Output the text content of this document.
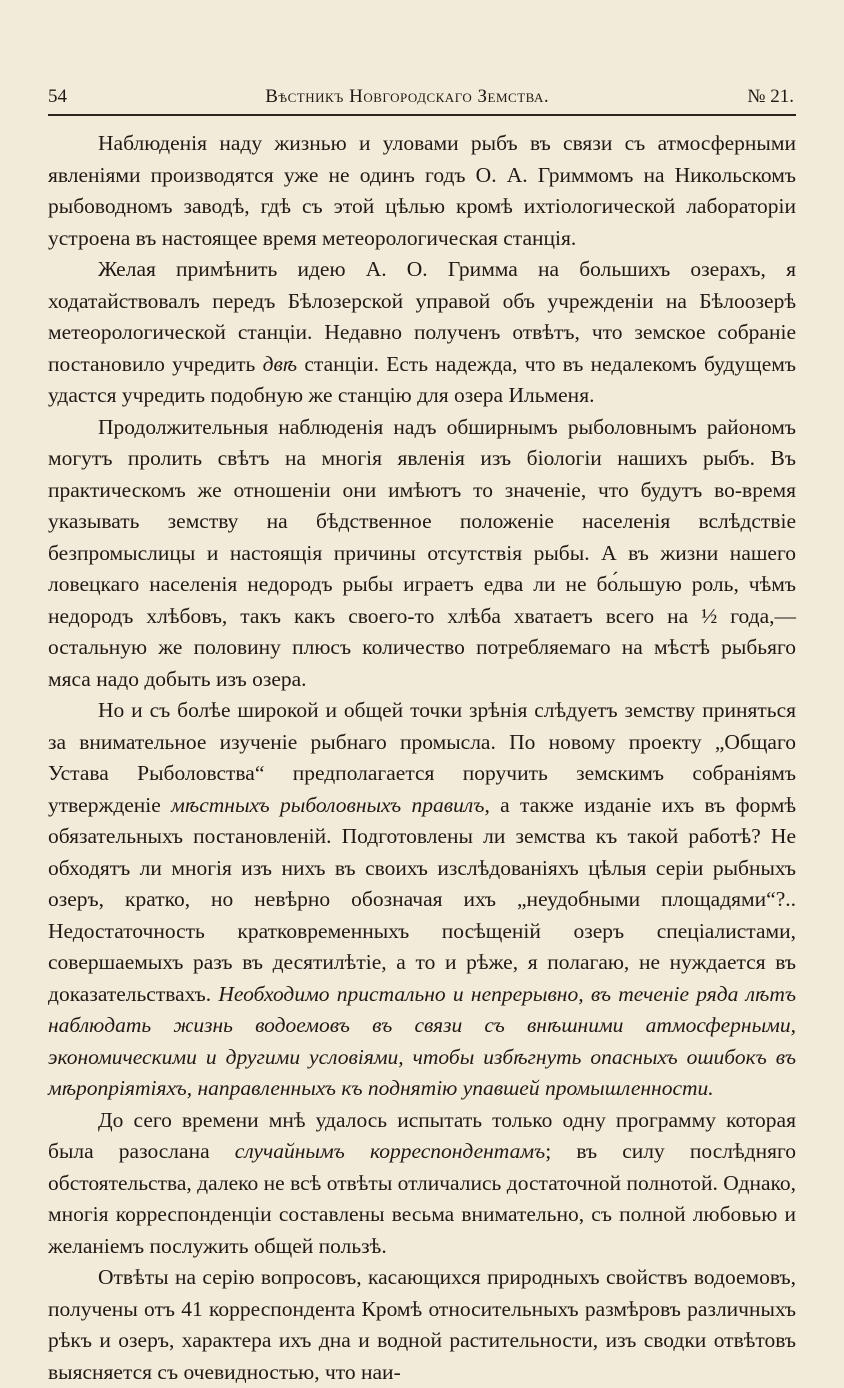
54	Вѣстникъ Новгородскаго Земства.	№ 21.

Наблюденія наду жизнью и уловами рыбъ въ связи съ атмосферными явленіями производятся уже не одинъ годъ О. А. Гриммомъ на Никольскомъ рыбоводномъ заводѣ, гдѣ съ этой цѣлью кромѣ ихтіологической лабораторіи устроена въ настоящее время метеорологическая станція.

Желая примѣнить идею А. О. Гримма на большихъ озерахъ, я ходатайствовалъ передъ Бѣлозерской управой объ учрежденіи на Бѣлоозерѣ метеорологической станціи. Недавно полученъ отвѣтъ, что земское собраніе постановило учредить двѣ станціи. Есть надежда, что въ недалекомъ будущемъ удастся учредить подобную же станцію для озера Ильменя.

Продолжительныя наблюденія надъ обширнымъ рыболовнымъ райономъ могутъ пролить свѣтъ на многія явленія изъ біологіи нашихъ рыбъ. Въ практическомъ же отношеніи они имѣютъ то значеніе, что будутъ во-время указывать земству на бѣдственное положеніе населенія вслѣдствіе безпромыслицы и настоящія причины отсутствія рыбы. А въ жизни нашего ловецкаго населенія недородъ рыбы играетъ едва ли не бо́льшую роль, чѣмъ недородъ хлѣбовъ, такъ какъ своего-то хлѣба хватаетъ всего на ½ года,—остальную же половину плюсъ количество потребляемаго на мѣстѣ рыбьяго мяса надо добыть изъ озера.

Но и съ болѣе широкой и общей точки зрѣнія слѣдуетъ земству приняться за внимательное изученіе рыбнаго промысла. По новому проекту „Общаго Устава Рыболовства“ предполагается поручить земскимъ собраніямъ утвержденіе мѣстныхъ рыболовныхъ правилъ, а также изданіе ихъ въ формѣ обязательныхъ постановленій. Подготовлены ли земства къ такой работѣ? Не обходятъ ли многія изъ нихъ въ своихъ изслѣдованіяхъ цѣлыя серіи рыбныхъ озеръ, кратко, но невѣрно обозначая ихъ „неудобными площадями“?.. Недостаточность кратковременныхъ посѣщеній озеръ спеціалистами, совершаемыхъ разъ въ десятилѣтіе, а то и рѣже, я полагаю, не нуждается въ доказательствахъ. Необходимо пристально и непрерывно, въ теченіе ряда лѣтъ наблюдать жизнь водоемовъ въ связи съ внѣшними атмосферными, экономическими и другими условіями, чтобы избѣгнуть опасныхъ ошибокъ въ мѣропріятіяхъ, направленныхъ къ поднятію упавшей промышленности.

До сего времени мнѣ удалось испытать только одну программу которая была разослана случайнымъ корреспондентамъ; въ силу послѣдняго обстоятельства, далеко не всѣ отвѣты отличались достаточной полнотой. Однако, многія корреспонденціи составлены весьма внимательно, съ полной любовью и желаніемъ послужить общей пользѣ.

Отвѣты на серію вопросовъ, касающихся природныхъ свойствъ водоемовъ, получены отъ 41 корреспондента Кромѣ относительныхъ размѣровъ различныхъ рѣкъ и озеръ, характера ихъ дна и водной растительности, изъ сводки отвѣтовъ выясняется съ очевидностью, что наи-
